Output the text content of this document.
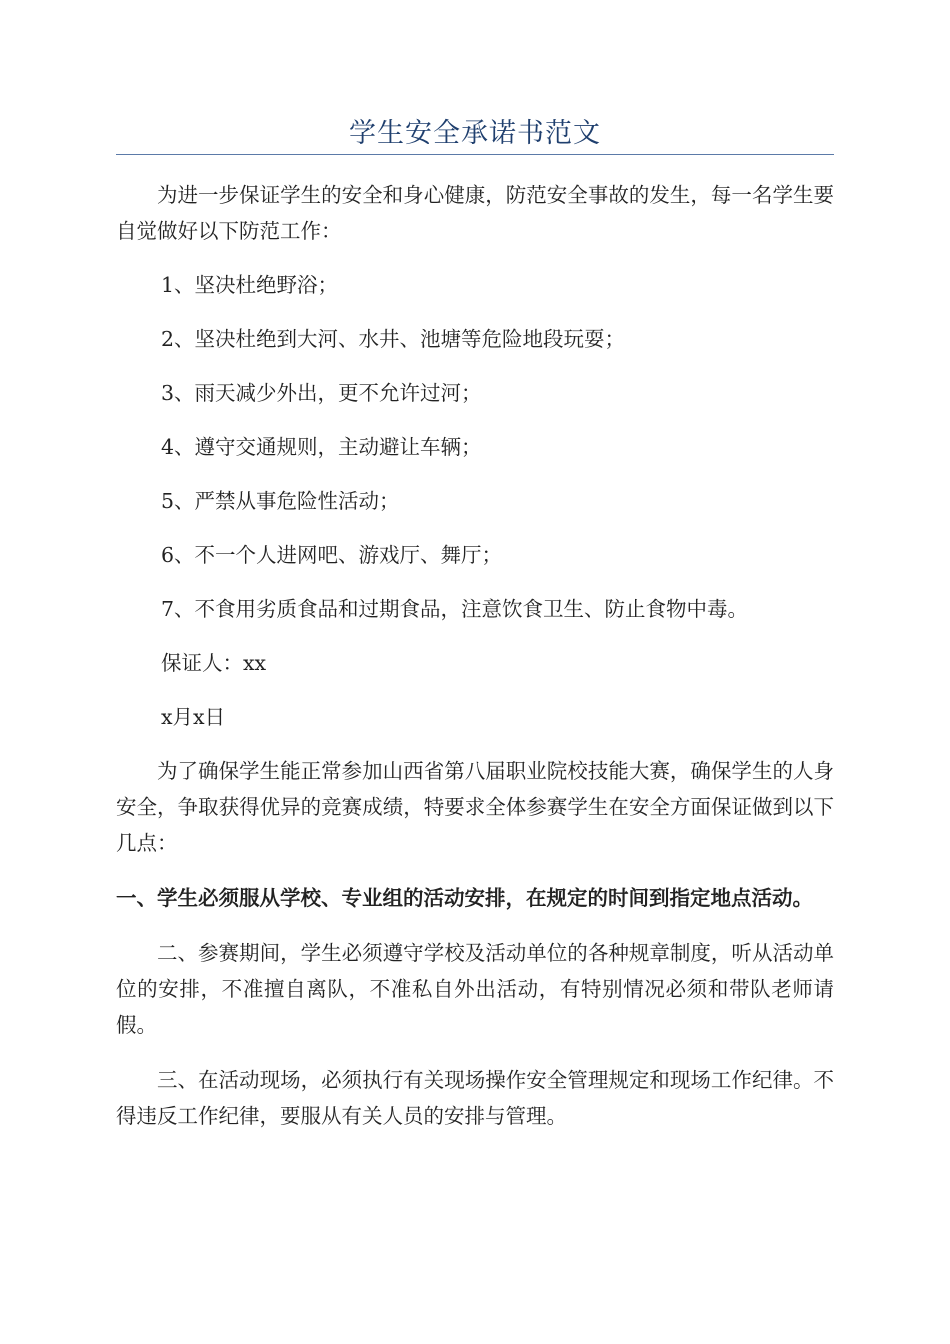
学生安全承诺书范文

为进一步保证学生的安全和身心健康，防范安全事故的发生，每一名学生要自觉做好以下防范工作：

1、坚决杜绝野浴；

2、坚决杜绝到大河、水井、池塘等危险地段玩耍；

3、雨天减少外出，更不允许过河；

4、遵守交通规则，主动避让车辆；

5、严禁从事危险性活动；

6、不一个人进网吧、游戏厅、舞厅；

7、不食用劣质食品和过期食品，注意饮食卫生、防止食物中毒。

保证人：xx

x月x日

为了确保学生能正常参加山西省第八届职业院校技能大赛，确保学生的人身安全，争取获得优异的竞赛成绩，特要求全体参赛学生在安全方面保证做到以下几点：

一、学生必须服从学校、专业组的活动安排，在规定的时间到指定地点活动。

二、参赛期间，学生必须遵守学校及活动单位的各种规章制度，听从活动单位的安排，不准擅自离队，不准私自外出活动，有特别情况必须和带队老师请假。

三、在活动现场，必须执行有关现场操作安全管理规定和现场工作纪律。不得违反工作纪律，要服从有关人员的安排与管理。
